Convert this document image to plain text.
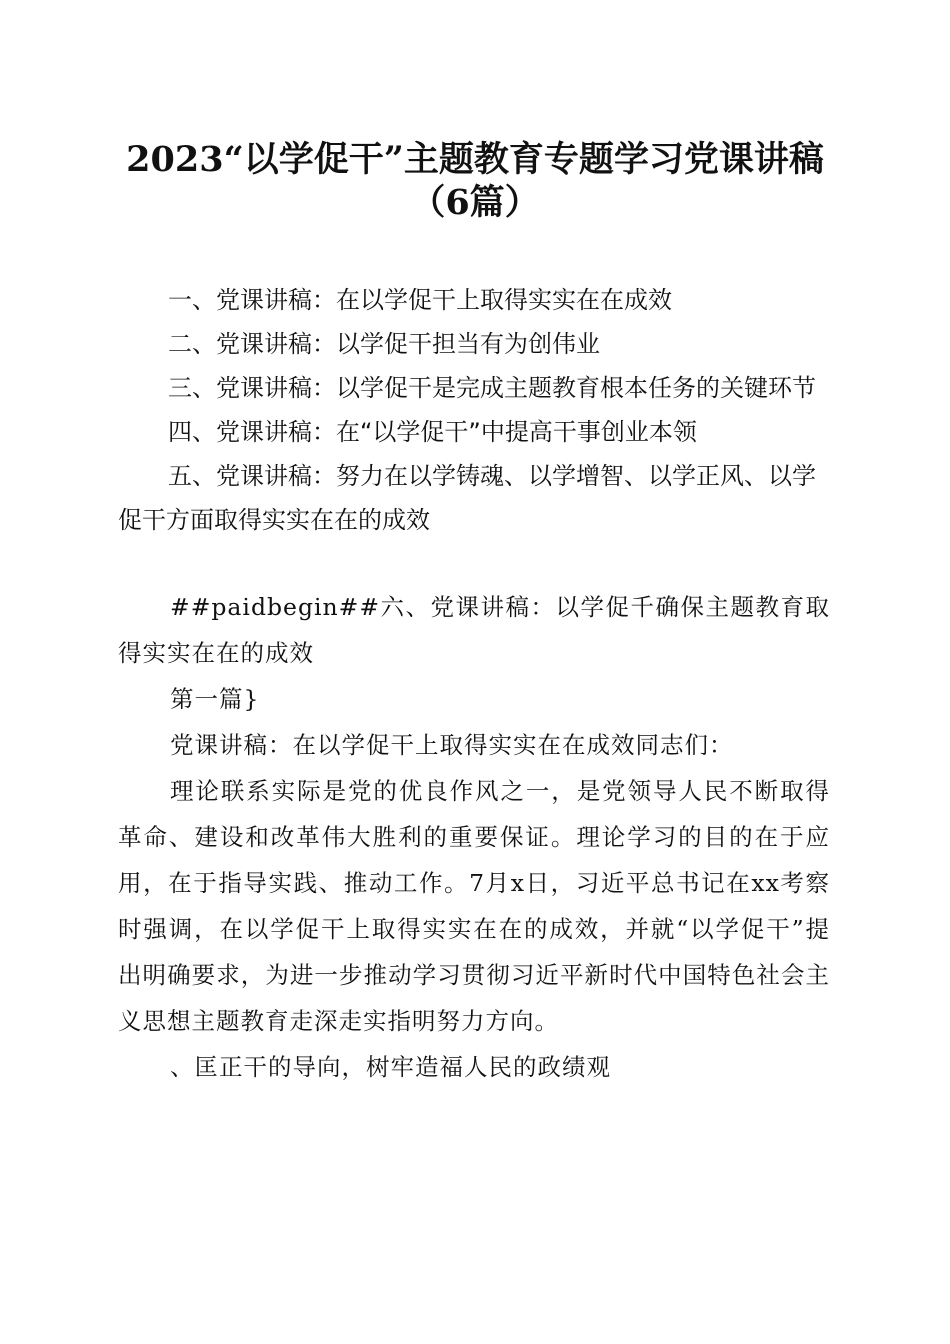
2023“以学促干”主题教育专题学习党课讲稿
（6篇）

一、党课讲稿：在以学促干上取得实实在在成效

二、党课讲稿：以学促干担当有为创伟业

三、党课讲稿：以学促干是完成主题教育根本任务的关键环节

四、党课讲稿：在“以学促干”中提高干事创业本领

五、党课讲稿：努力在以学铸魂、以学增智、以学正风、以学促干方面取得实实在在的成效

##paidbegin##六、党课讲稿：以学促千确保主题教育取得实实在在的成效

第一篇}

党课讲稿：在以学促干上取得实实在在成效同志们：

理论联系实际是党的优良作风之一，是党领导人民不断取得革命、建设和改革伟大胜利的重要保证。理论学习的目的在于应用，在于指导实践、推动工作。7月x日，习近平总书记在xx考察时强调，在以学促干上取得实实在在的成效，并就“以学促干”提出明确要求，为进一步推动学习贯彻习近平新时代中国特色社会主义思想主题教育走深走实指明努力方向。

、匡正干的导向，树牢造福人民的政绩观
